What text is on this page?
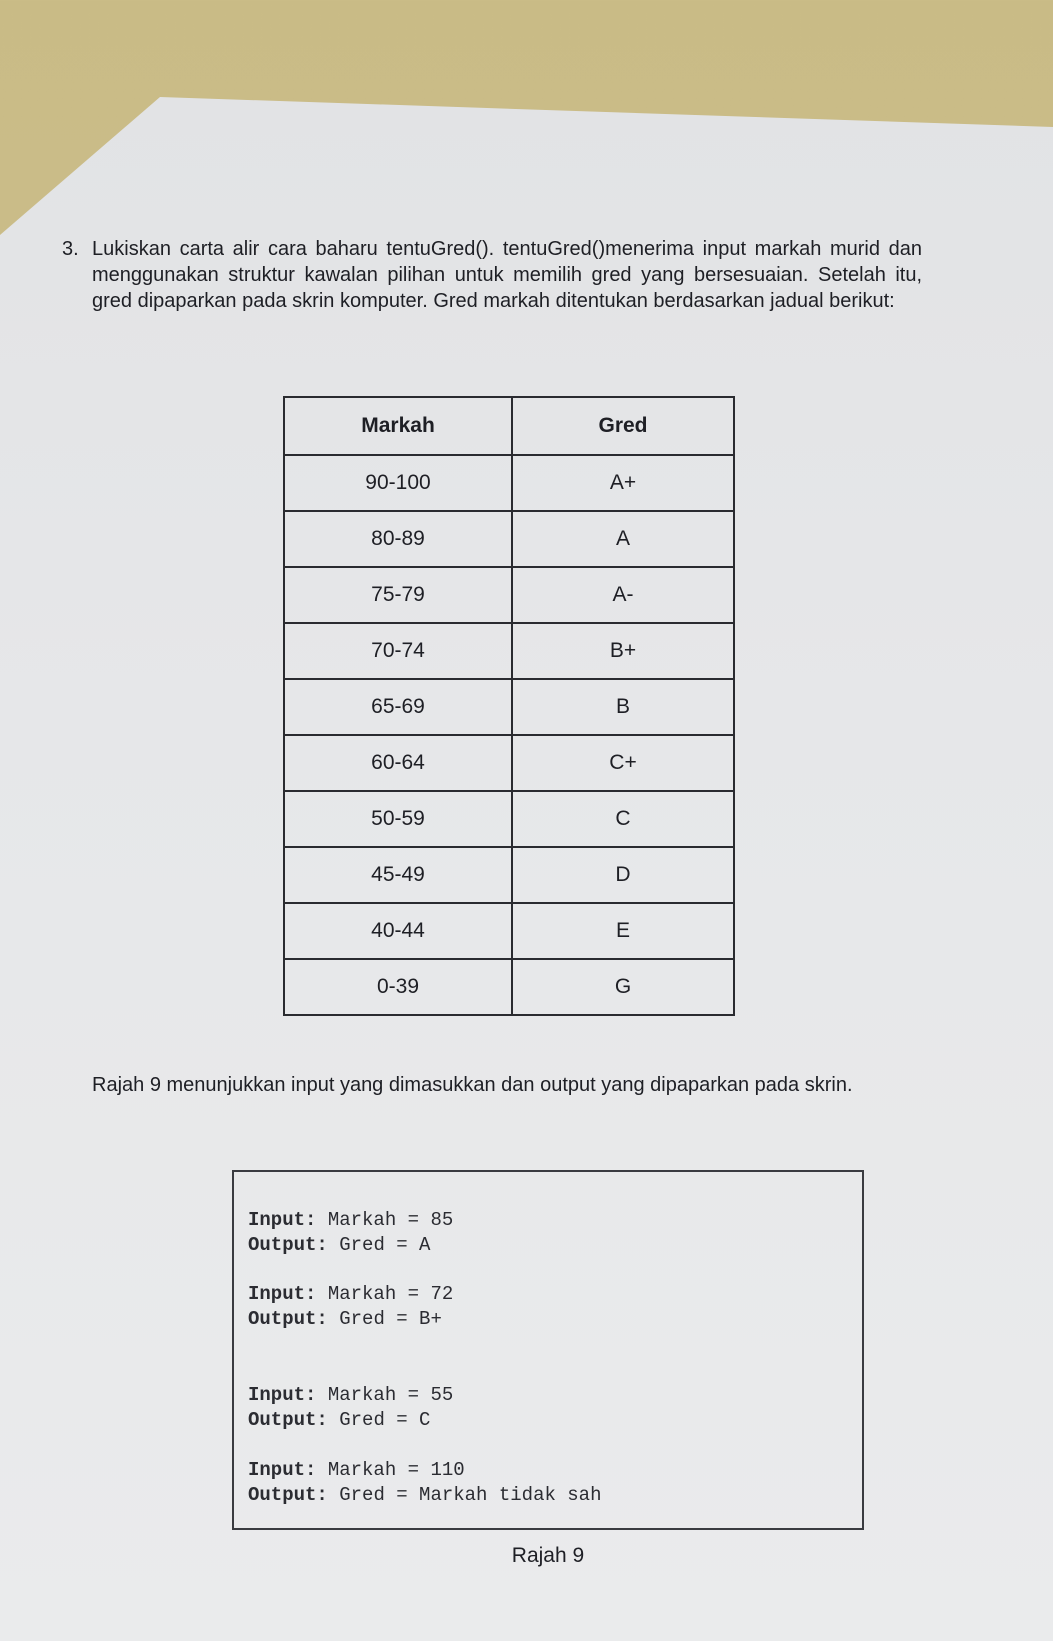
3. Lukiskan carta alir cara baharu tentuGred(). tentuGred()menerima input markah murid dan menggunakan struktur kawalan pilihan untuk memilih gred yang bersesuaian. Setelah itu, gred dipaparkan pada skrin komputer. Gred markah ditentukan berdasarkan jadual berikut:
Markah	Gred
90-100	A+
80-89	A
75-79	A-
70-74	B+
65-69	B
60-64	C+
50-59	C
45-49	D
40-44	E
0-39	G
Rajah 9 menunjukkan input yang dimasukkan dan output yang dipaparkan pada skrin.
Input: Markah = 85
Output: Gred = A
Input: Markah = 72
Output: Gred = B+
Input: Markah = 55
Output: Gred = C
Input: Markah = 110
Output: Gred = Markah tidak sah
Rajah 9
